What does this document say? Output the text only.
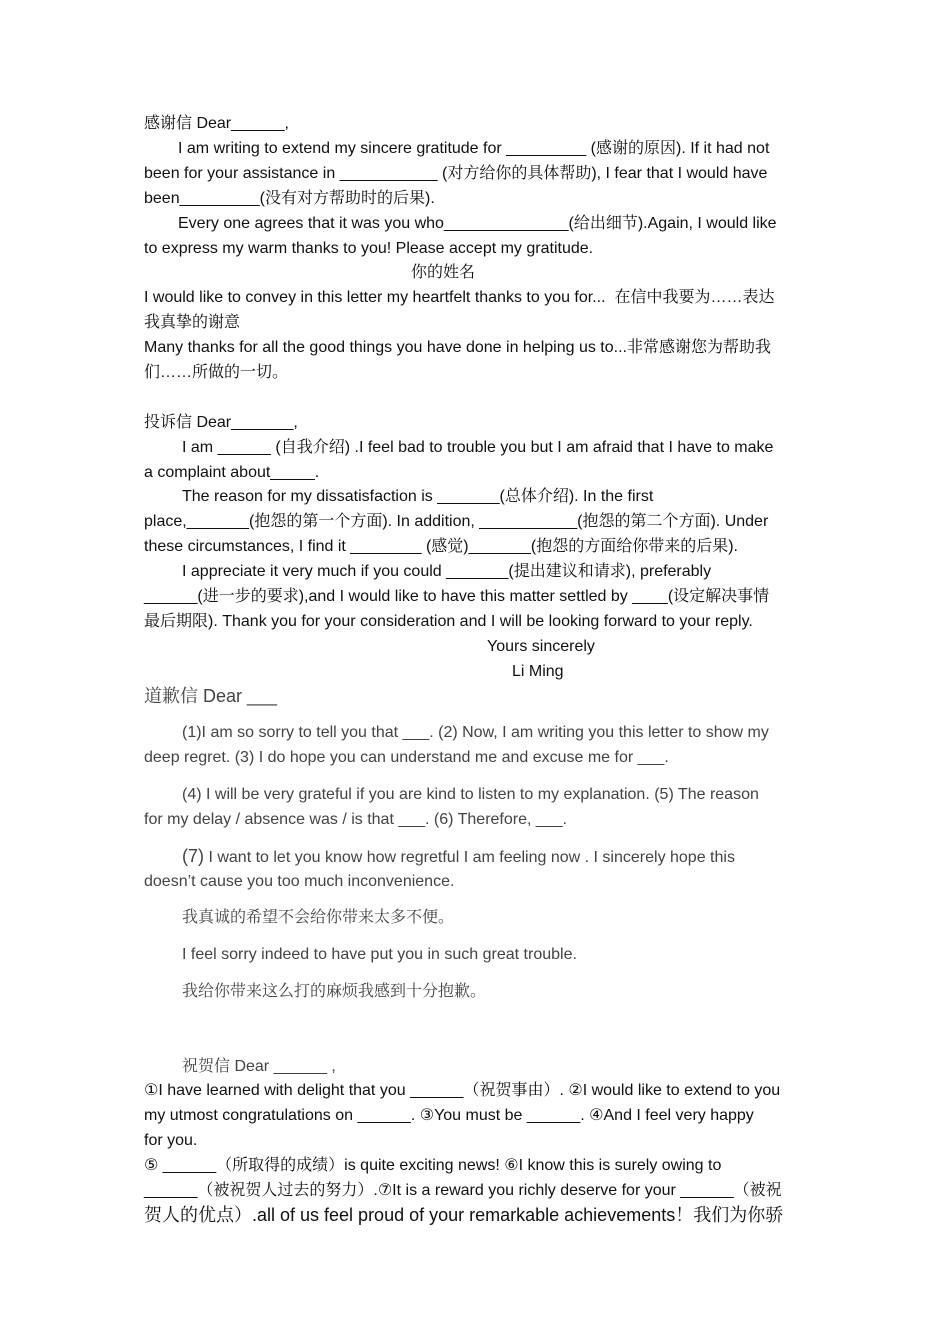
感谢信 Dear______,

I am writing to extend my sincere gratitude for _________ (感谢的原因). If it had not

been for your assistance in ___________ (对方给你的具体帮助), I fear that I would have

been_________(没有对方帮助时的后果).

Every one agrees that it was you who______________(给出细节).Again, I would like

to express my warm thanks to you! Please accept my gratitude.

你的姓名

I would like to convey in this letter my heartfelt thanks to you for...  在信中我要为……表达

我真挚的谢意

Many thanks for all the good things you have done in helping us to...非常感谢您为帮助我

们……所做的一切。

投诉信 Dear_______,

I am ______ (自我介绍) .I feel bad to trouble you but I am afraid that I have to make

a complaint about_____.

The reason for my dissatisfaction is _______(总体介绍). In the first

place,_______(抱怨的第一个方面). In addition, ___________(抱怨的第二个方面). Under

these circumstances, I find it ________ (感觉)_______(抱怨的方面给你带来的后果).

I appreciate it very much if you could _______(提出建议和请求), preferably

______(进一步的要求),and I would like to have this matter settled by ____(设定解决事情

最后期限). Thank you for your consideration and I will be looking forward to your reply.

Yours sincerely

Li Ming

道歉信 Dear ___

(1)I am so sorry to tell you that ___. (2) Now, I am writing you this letter to show my

deep regret. (3) I do hope you can understand me and excuse me for ___.

(4) I will be very grateful if you are kind to listen to my explanation. (5) The reason

for my delay / absence was / is that ___. (6) Therefore, ___.

(7) I want to let you know how regretful I am feeling now . I sincerely hope this

doesn’t cause you too much inconvenience.

我真诚的希望不会给你带来太多不便。

I feel sorry indeed to have put you in such great trouble.

我给你带来这么打的麻烦我感到十分抱歉。

祝贺信 Dear ______ ,

①I have learned with delight that you ______（祝贺事由）. ②I would like to extend to you

my utmost congratulations on ______. ③You must be ______. ④And I feel very happy

for you.

⑤ ______（所取得的成绩）is quite exciting news! ⑥I know this is surely owing to

______（被祝贺人过去的努力）.⑦It is a reward you richly deserve for your ______（被祝

贺人的优点）.all of us feel proud of your remarkable achievements！我们为你骄
